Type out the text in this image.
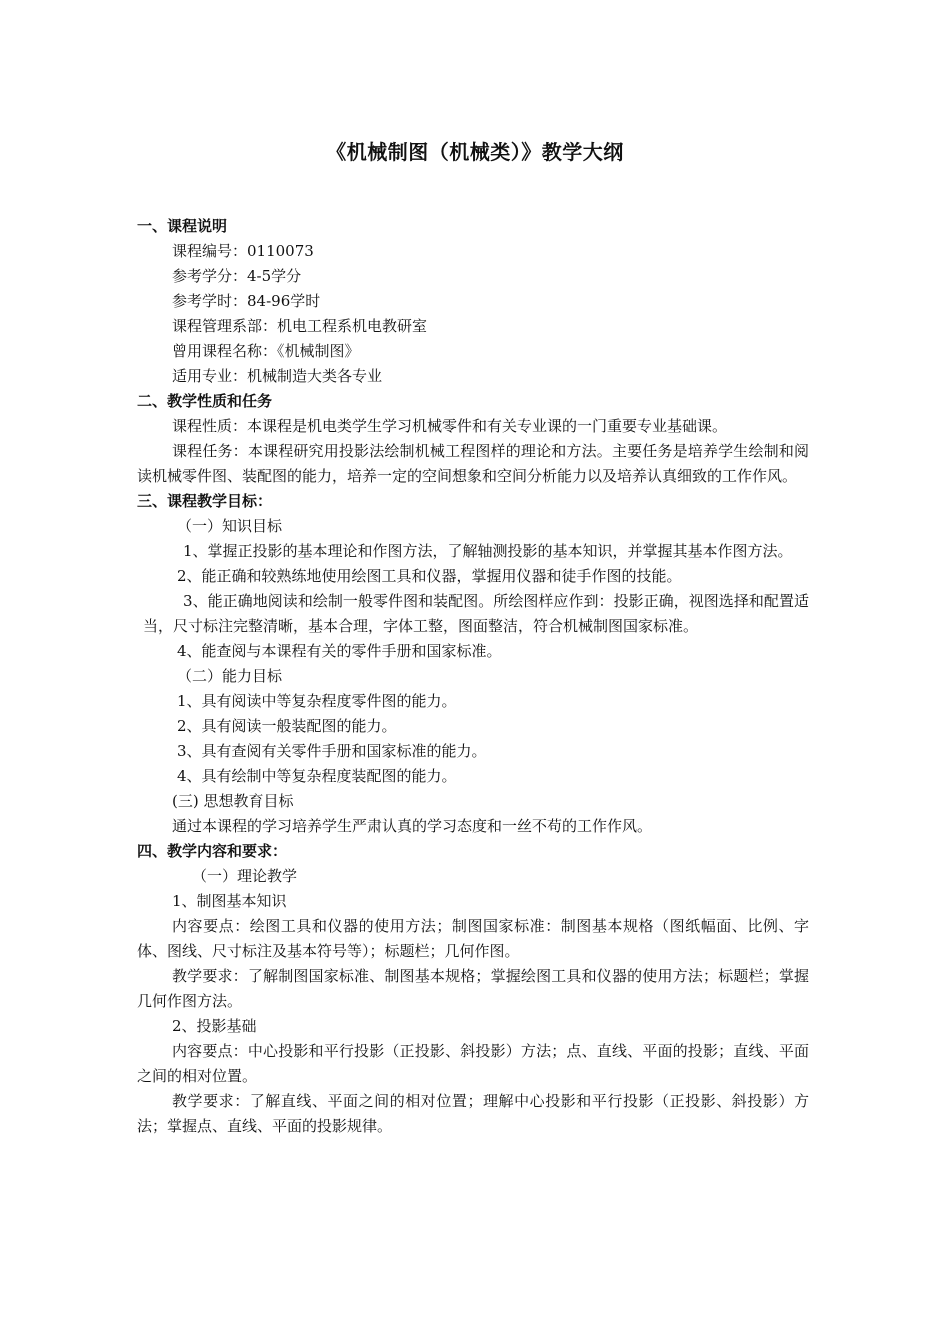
《机械制图（机械类）》教学大纲
一、课程说明
课程编号：0110073
参考学分：4-5学分
参考学时：84-96学时
课程管理系部：机电工程系机电教研室
曾用课程名称：《机械制图》
适用专业：机械制造大类各专业
二、教学性质和任务
课程性质：本课程是机电类学生学习机械零件和有关专业课的一门重要专业基础课。
课程任务：本课程研究用投影法绘制机械工程图样的理论和方法。主要任务是培养学生绘制和阅读机械零件图、装配图的能力，培养一定的空间想象和空间分析能力以及培养认真细致的工作作风。
三、课程教学目标：
（一）知识目标
1、掌握正投影的基本理论和作图方法，了解轴测投影的基本知识，并掌握其基本作图方法。
2、能正确和较熟练地使用绘图工具和仪器，掌握用仪器和徒手作图的技能。
3、能正确地阅读和绘制一般零件图和装配图。所绘图样应作到：投影正确，视图选择和配置适当，尺寸标注完整清晰，基本合理，字体工整，图面整洁，符合机械制图国家标准。
4、能查阅与本课程有关的零件手册和国家标准。
（二）能力目标
1、具有阅读中等复杂程度零件图的能力。
2、具有阅读一般装配图的能力。
3、具有查阅有关零件手册和国家标准的能力。
4、具有绘制中等复杂程度装配图的能力。
(三) 思想教育目标
通过本课程的学习培养学生严肃认真的学习态度和一丝不苟的工作作风。
四、教学内容和要求：
（一）理论教学
1、制图基本知识
内容要点：绘图工具和仪器的使用方法；制图国家标准：制图基本规格（图纸幅面、比例、字体、图线、尺寸标注及基本符号等）；标题栏；几何作图。
教学要求：了解制图国家标准、制图基本规格；掌握绘图工具和仪器的使用方法；标题栏；掌握几何作图方法。
2、投影基础
内容要点：中心投影和平行投影（正投影、斜投影）方法；点、直线、平面的投影；直线、平面之间的相对位置。
教学要求：了解直线、平面之间的相对位置；理解中心投影和平行投影（正投影、斜投影）方法；掌握点、直线、平面的投影规律。
